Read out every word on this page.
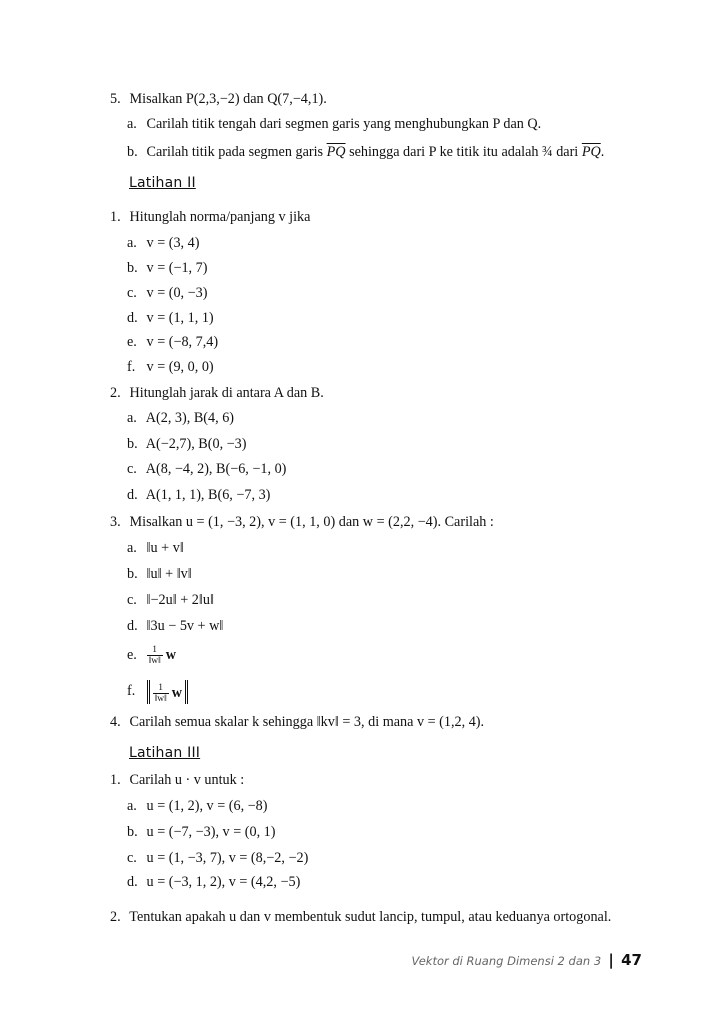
5. Misalkan P(2,3,−2) dan Q(7,−4,1).
a. Carilah titik tengah dari segmen garis yang menghubungkan P dan Q.
b. Carilah titik pada segmen garis $\overline{PQ}$ sehingga dari P ke titik itu adalah ¾ dari $\overline{PQ}$.
Latihan II
1. Hitunglah norma/panjang v jika
a. v = (3, 4)
b. v = (−1, 7)
c. v = (0, −3)
d. v = (1, 1, 1)
e. v = (−8, 7,4)
f. v = (9, 0, 0)
2. Hitunglah jarak di antara A dan B.
a. A(2, 3), B(4, 6)
b. A(−2,7), B(0, −3)
c. A(8, −4, 2), B(−6, −1, 0)
d. A(1, 1, 1), B(6, −7, 3)
3. Misalkan u = (1, −3, 2), v = (1, 1, 0) dan w = (2,2, −4). Carilah :
a. ‖u + v‖
b. ‖u‖ + ‖v‖
c. ‖−2u‖ + 2‖u‖
d. ‖3u − 5v + w‖
e. $\frac{1}{‖w‖}$ w
f. $\frac{1}{‖w‖}$ w
4. Carilah semua skalar k sehingga ‖kv‖ = 3, di mana v = (1,2, 4).
Latihan III
1. Carilah u · v untuk :
a. u = (1, 2), v = (6, −8)
b. u = (−7, −3), v = (0, 1)
c. u = (1, −3, 7), v = (8,−2, −2)
d. u = (−3, 1, 2), v = (4,2, −5)
2. Tentukan apakah u dan v membentuk sudut lancip, tumpul, atau keduanya ortogonal.
Vektor di Ruang Dimensi 2 dan 3 | 47
